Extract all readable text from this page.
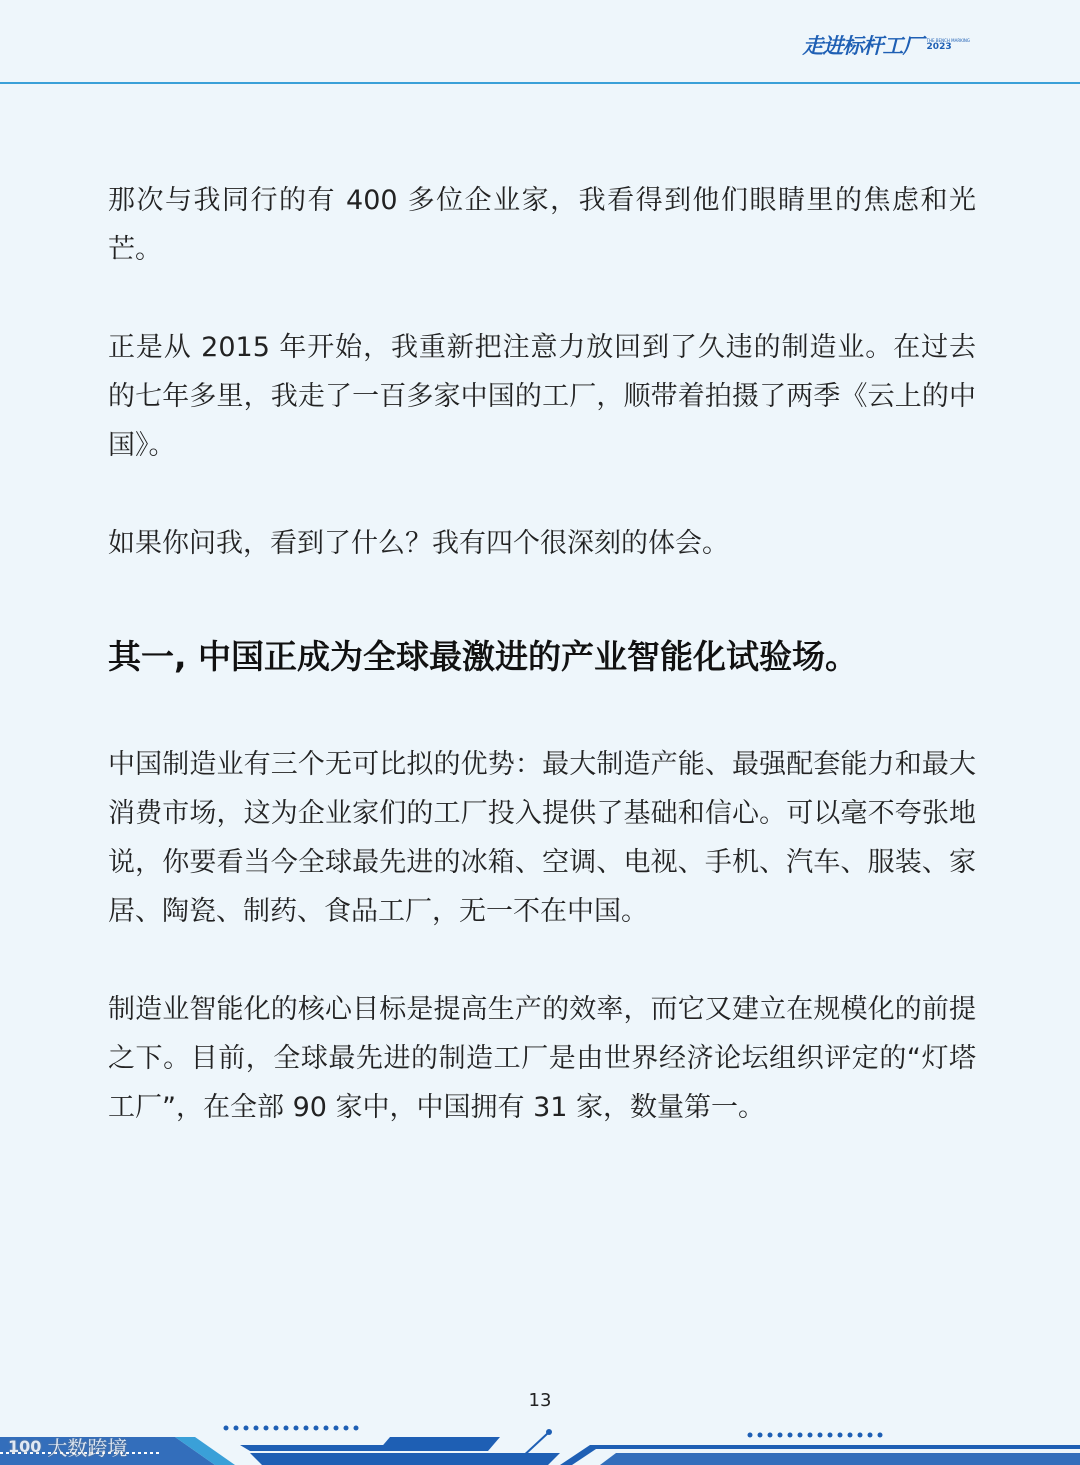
走进标杆工厂 THE BENCH MARKING
2023

那次与我同行的有 400 多位企业家，我看得到他们眼睛里的焦虑和光芒。

正是从 2015 年开始，我重新把注意力放回到了久违的制造业。在过去的七年多里，我走了一百多家中国的工厂，顺带着拍摄了两季《云上的中国》。

如果你问我，看到了什么？我有四个很深刻的体会。

其一, 中国正成为全球最激进的产业智能化试验场。

中国制造业有三个无可比拟的优势：最大制造产能、最强配套能力和最大消费市场，这为企业家们的工厂投入提供了基础和信心。可以毫不夸张地说，你要看当今全球最先进的冰箱、空调、电视、手机、汽车、服装、家居、陶瓷、制药、食品工厂，无一不在中国。

制造业智能化的核心目标是提高生产的效率，而它又建立在规模化的前提之下。目前，全球最先进的制造工厂是由世界经济论坛组织评定的“灯塔工厂”，在全部 90 家中，中国拥有 31 家，数量第一。

13
100 大数跨境
